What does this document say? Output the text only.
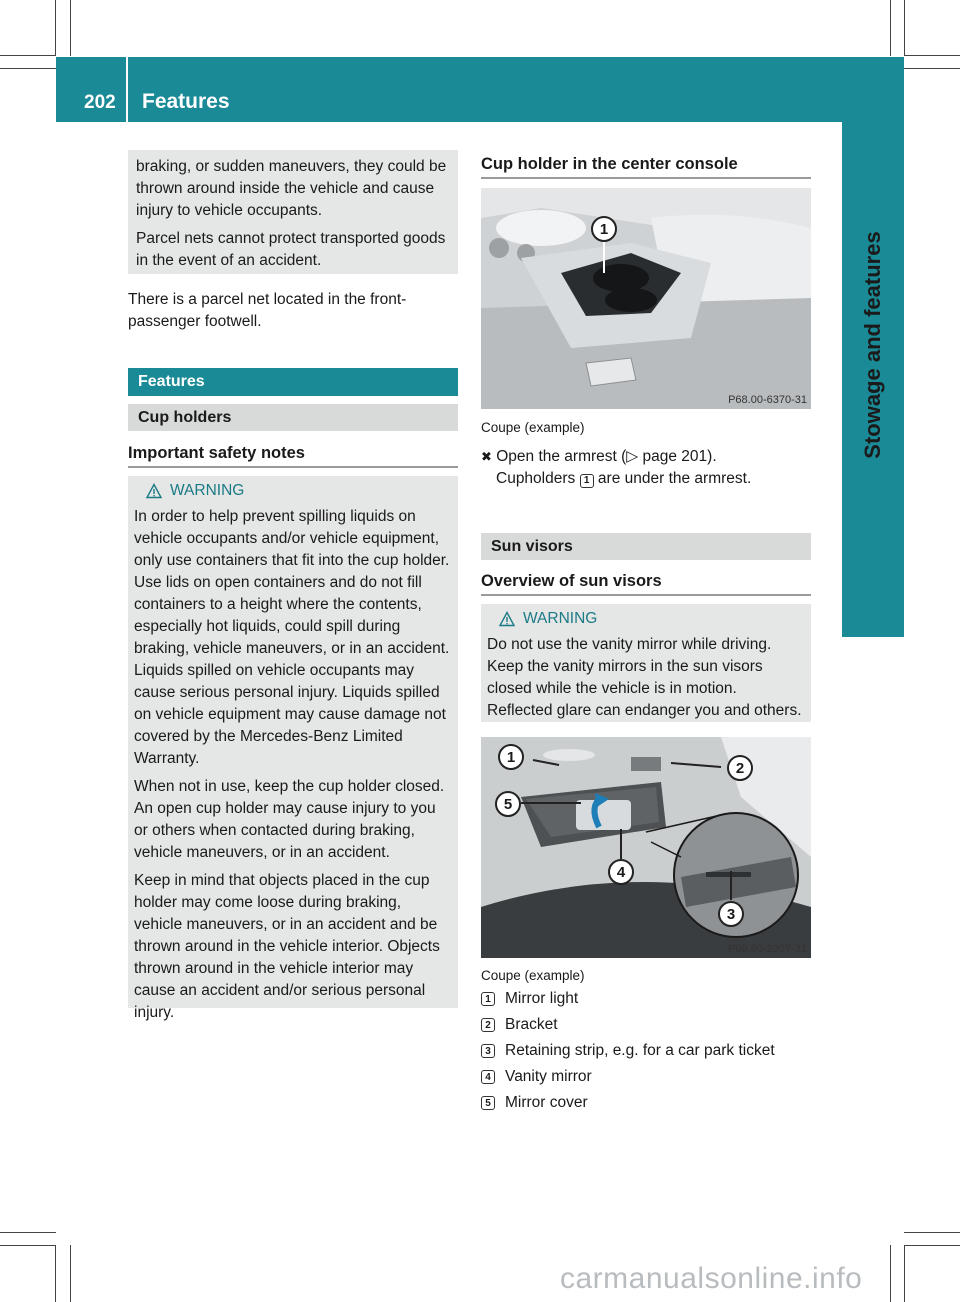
202 Features
Stowage and features

braking, or sudden maneuvers, they could be thrown around inside the vehicle and cause injury to vehicle occupants.

Parcel nets cannot protect transported goods in the event of an accident.

There is a parcel net located in the front-passenger footwell.
Features
Cup holders
Important safety notes
WARNING

In order to help prevent spilling liquids on vehicle occupants and/or vehicle equipment, only use containers that fit into the cup holder. Use lids on open containers and do not fill containers to a height where the contents, especially hot liquids, could spill during braking, vehicle maneuvers, or in an accident. Liquids spilled on vehicle occupants may cause serious personal injury. Liquids spilled on vehicle equipment may cause damage not covered by the Mercedes-Benz Limited Warranty.

When not in use, keep the cup holder closed. An open cup holder may cause injury to you or others when contacted during braking, vehicle maneuvers, or in an accident.

Keep in mind that objects placed in the cup holder may come loose during braking, vehicle maneuvers, or in an accident and be thrown around in the vehicle interior. Objects thrown around in the vehicle interior may cause an accident and/or serious personal injury.

Cup holder in the center console
1
P68.00-6370-31
Coupe (example)
✖ Open the armrest (▷ page 201).
Cupholders 1 are under the armrest.
Sun visors
Overview of sun visors
WARNING

Do not use the vanity mirror while driving. Keep the vanity mirrors in the sun visors closed while the vehicle is in motion. Reflected glare can endanger you and others.

1
2
3
4
5
P68.60-2307-31
Coupe (example)
1 Mirror light
2 Bracket
3 Retaining strip, e.g. for a car park ticket
4 Vanity mirror
5 Mirror cover
carmanualsonline.info
